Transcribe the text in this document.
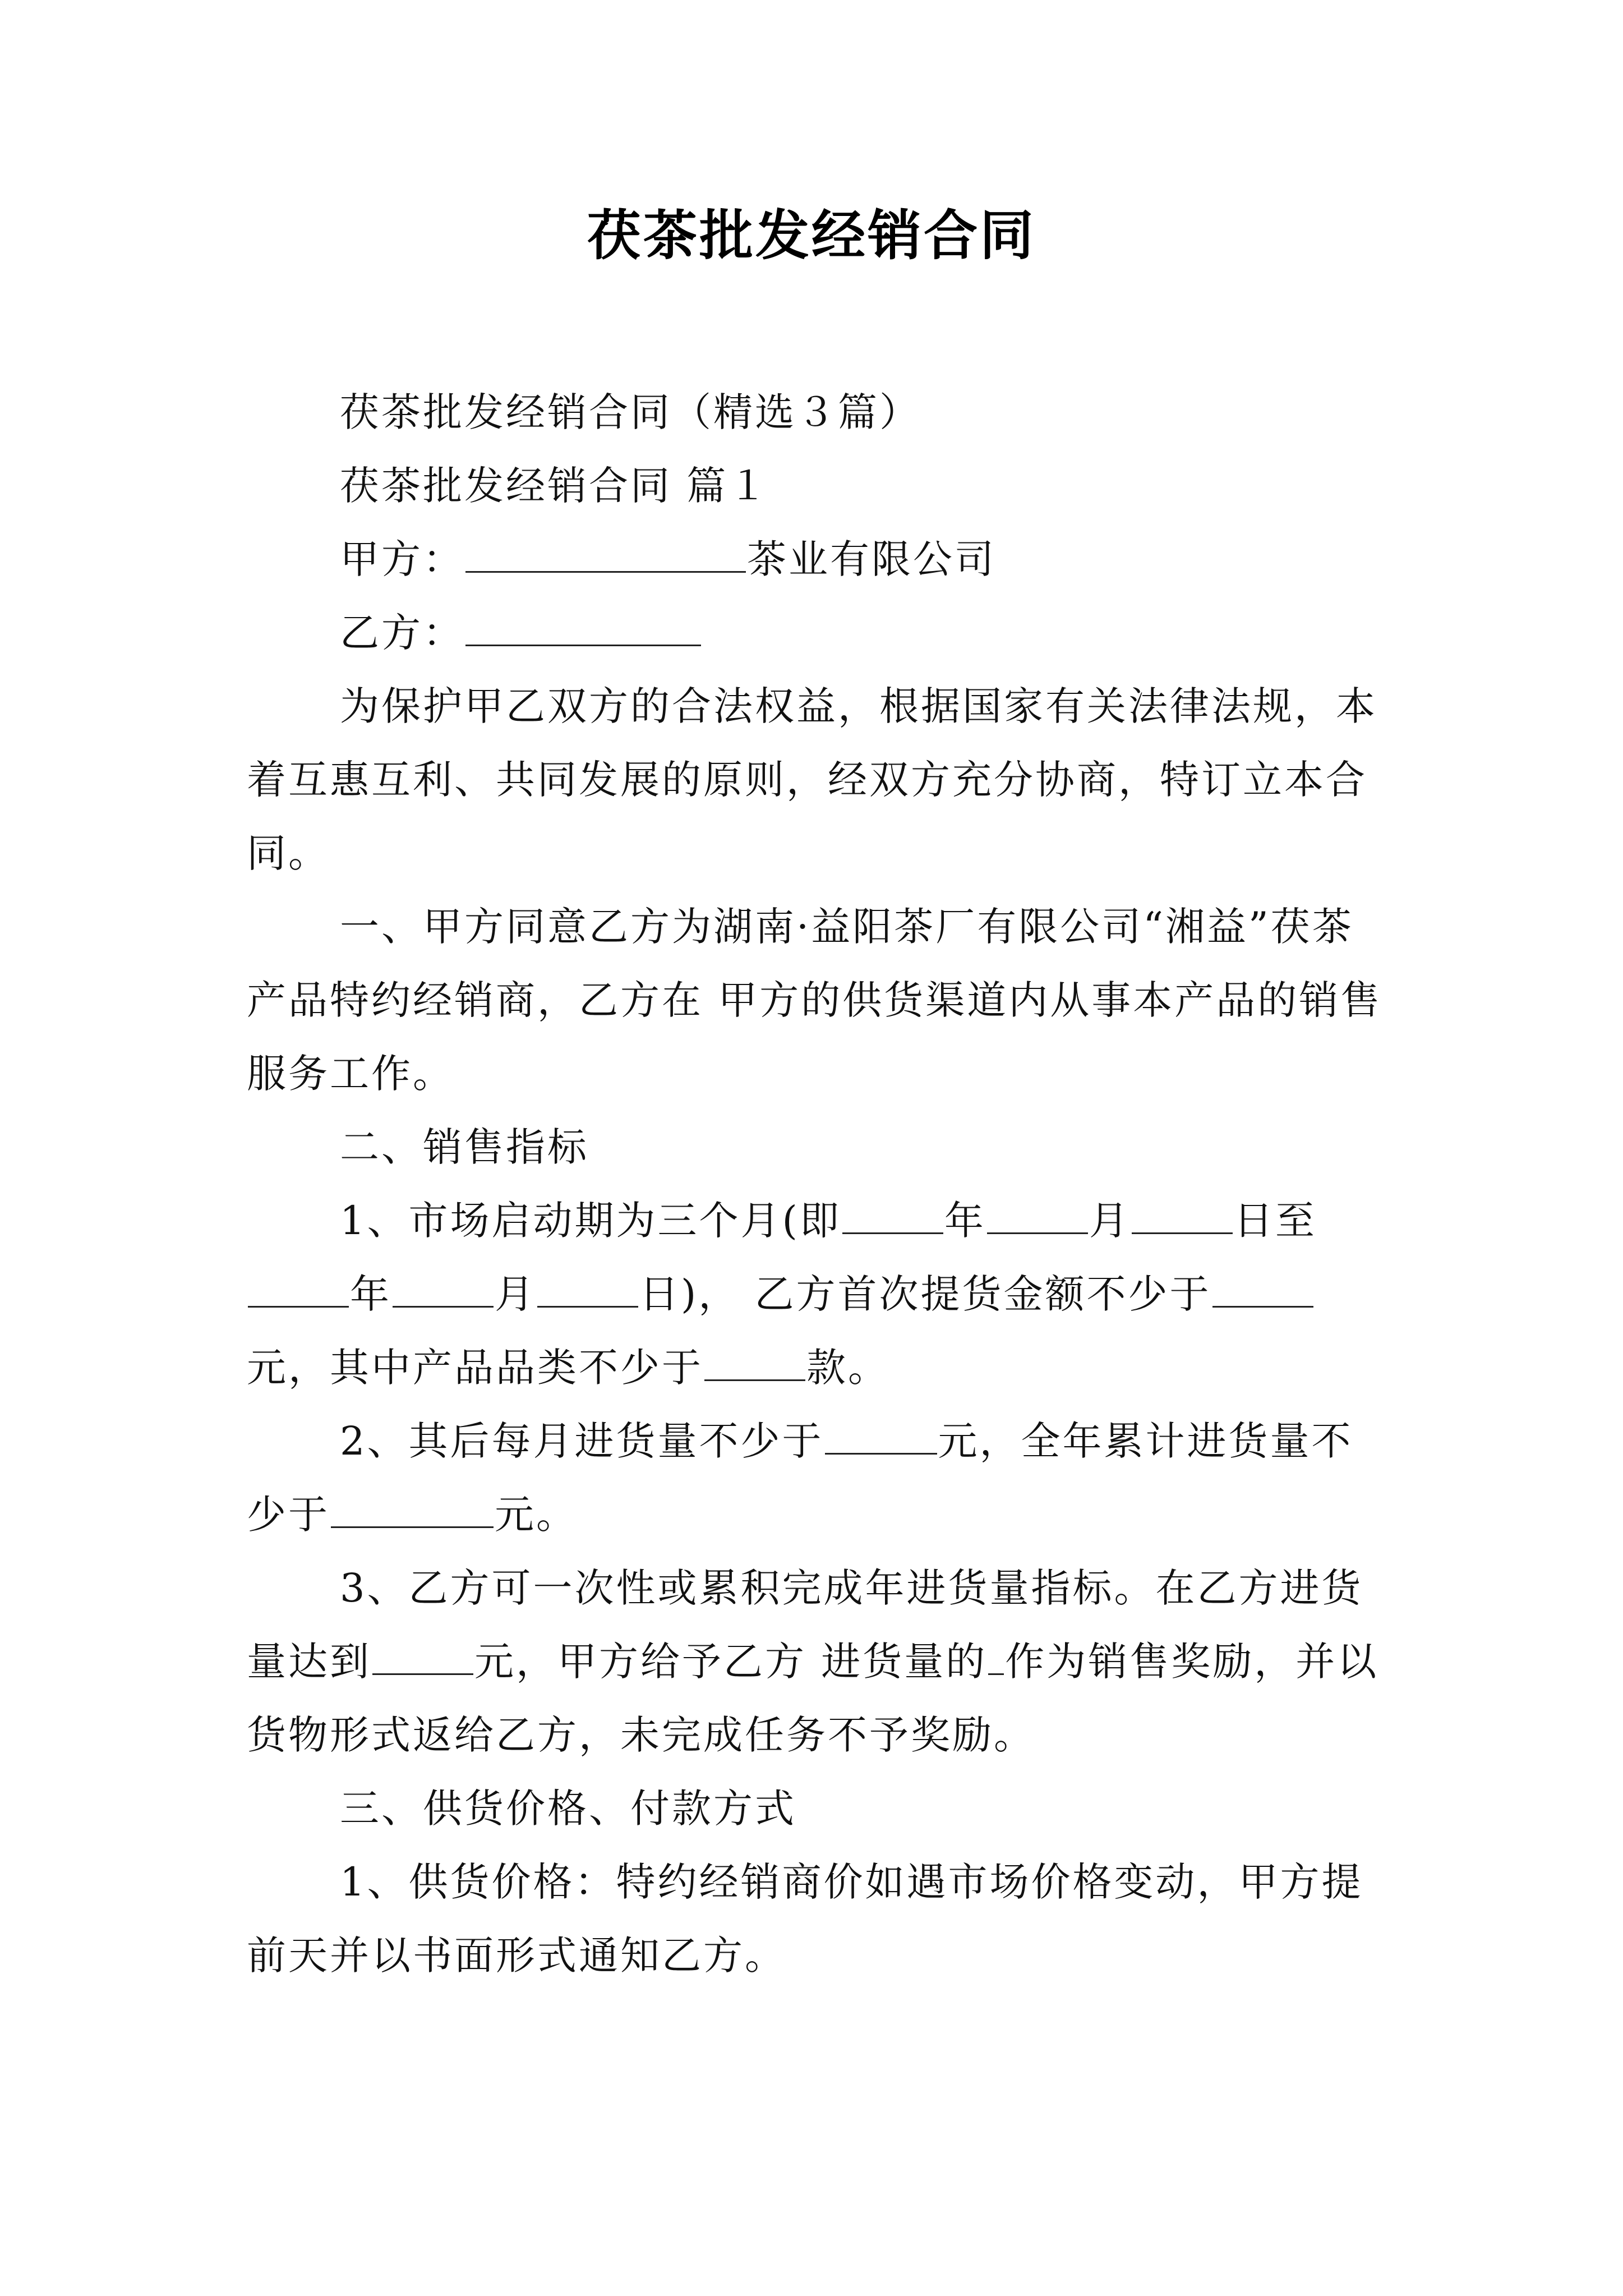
茯茶批发经销合同

茯茶批发经销合同（精选３篇）

茯茶批发经销合同 篇１

甲方：	茶业有限公司

乙方：

为保护甲乙双方的合法权益，根据国家有关法律法规，本着互惠互利、共同发展的原则，经双方充分协商，特订立本合同。

一、甲方同意乙方为湖南·益阳茶厂有限公司“湘益”茯茶产品特约经销商，乙方在 甲方的供货渠道内从事本产品的销售服务工作。

二、销售指标

1、市场启动期为三个月(即	年	月	日至年	月	日)， 乙方首次提货金额不少于元，其中产品品类不少于	款。

2、其后每月进货量不少于	元，全年累计进货量不少于	元。

3、乙方可一次性或累积完成年进货量指标。在乙方进货量达到	元，甲方给予乙方 进货量的 作为销售奖励，并以货物形式返给乙方，未完成任务不予奖励。

三、供货价格、付款方式

1、供货价格：特约经销商价如遇市场价格变动，甲方提前天并以书面形式通知乙方。
